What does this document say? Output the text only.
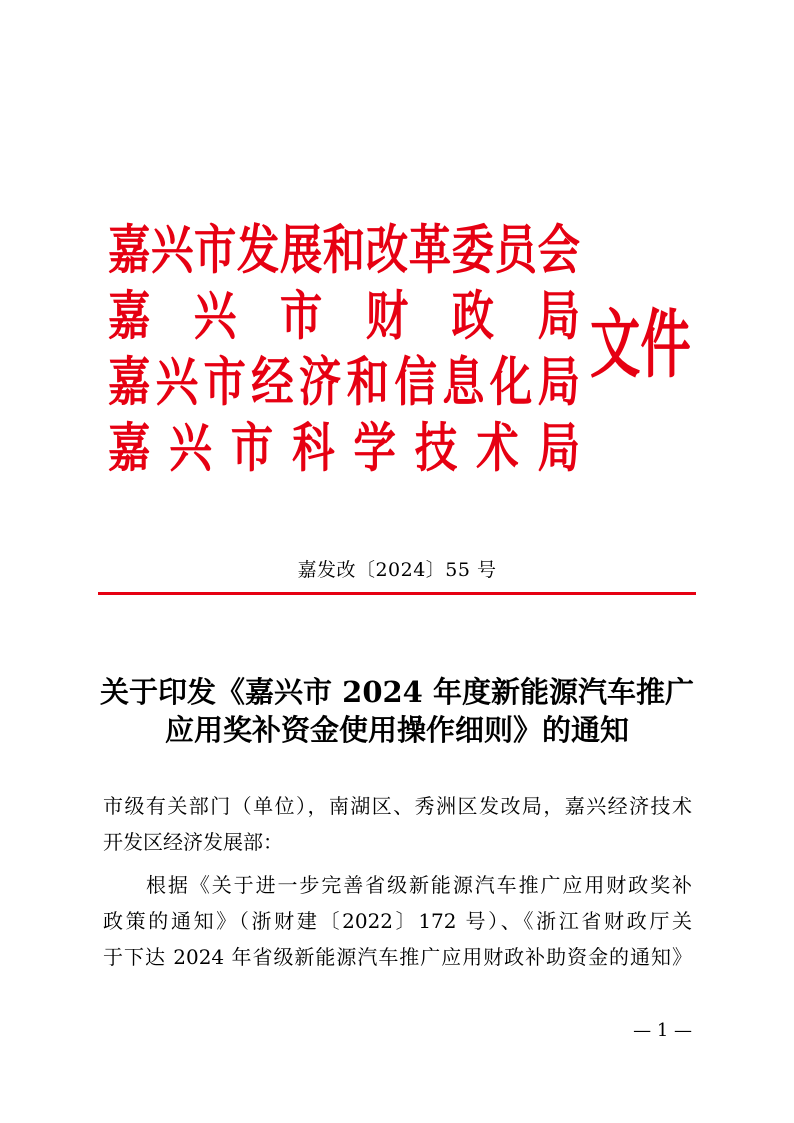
嘉兴市发展和改革委员会
嘉 兴 市 财 政 局
嘉兴市经济和信息化局
嘉 兴 市 科 学 技 术 局
文件
嘉发改〔2024〕55 号
关于印发《嘉兴市 2024 年度新能源汽车推广
应用奖补资金使用操作细则》的通知
市级有关部门（单位），南湖区、秀洲区发改局，嘉兴经济技术
开发区经济发展部：
根据《关于进一步完善省级新能源汽车推广应用财政奖补
政策的通知》（浙财建〔2022〕172 号）、《浙江省财政厅关
于下达 2024 年省级新能源汽车推广应用财政补助资金的通知》
— 1 —
